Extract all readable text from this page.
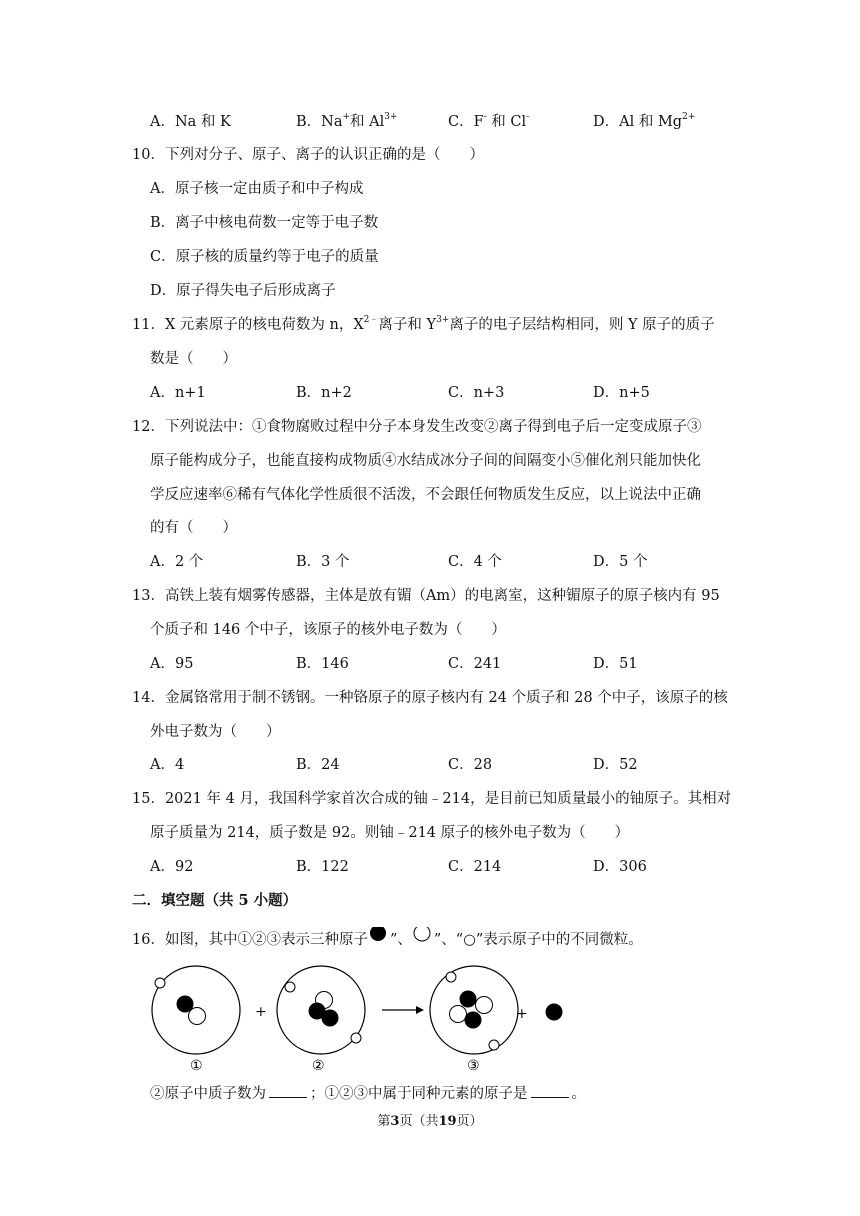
A．Na 和 K	B．Na+和 $Al^{3+}$	C．F- 和 Cl-	D．Al 和 $Mg^{2+}$
10．下列对分子、原子、离子的认识正确的是（　　）
A．原子核一定由质子和中子构成
B．离子中核电荷数一定等于电子数
C．原子核的质量约等于电子的质量
D．原子得失电子后形成离子
11．X 元素原子的核电荷数为 n，$X^{2﹣}$离子和 $Y^{3+}$离子的电子层结构相同，则 Y 原子的质子
数是（　　）
A．n+1	B．n+2	C．n+3	D．n+5
12．下列说法中：①食物腐败过程中分子本身发生改变②离子得到电子后一定变成原子③
原子能构成分子，也能直接构成物质④水结成冰分子间的间隔变小⑤催化剂只能加快化
学反应速率⑥稀有气体化学性质很不活泼，不会跟任何物质发生反应，以上说法中正确
的有（　　）
A．2 个	B．3 个	C．4 个	D．5 个
13．高铁上装有烟雾传感器，主体是放有镅（Am）的电离室，这种镅原子的原子核内有 95
个质子和 146 个中子，该原子的核外电子数为（　　）
A．95	B．146	C．241	D．51
14．金属铬常用于制不锈钢。一种铬原子的原子核内有 24 个质子和 28 个中子，该原子的核
外电子数为（　　）
A．4	B．24	C．28	D．52
15．2021 年 4 月，我国科学家首次合成的铀﹣214，是目前已知质量最小的铀原子。其相对
原子质量为 214，质子数是 92。则铀﹣214 原子的核外电子数为（　　）
A．92	B．122	C．214	D．306
二．填空题（共 5 小题）
16．如图，其中①②③表示三种原子 ”、 ”、“○”表示原子中的不同微粒。
+	+
①	②	③
②原子中质子数为	；①②③中属于同种元素的原子是	。
第3页（共19页）
